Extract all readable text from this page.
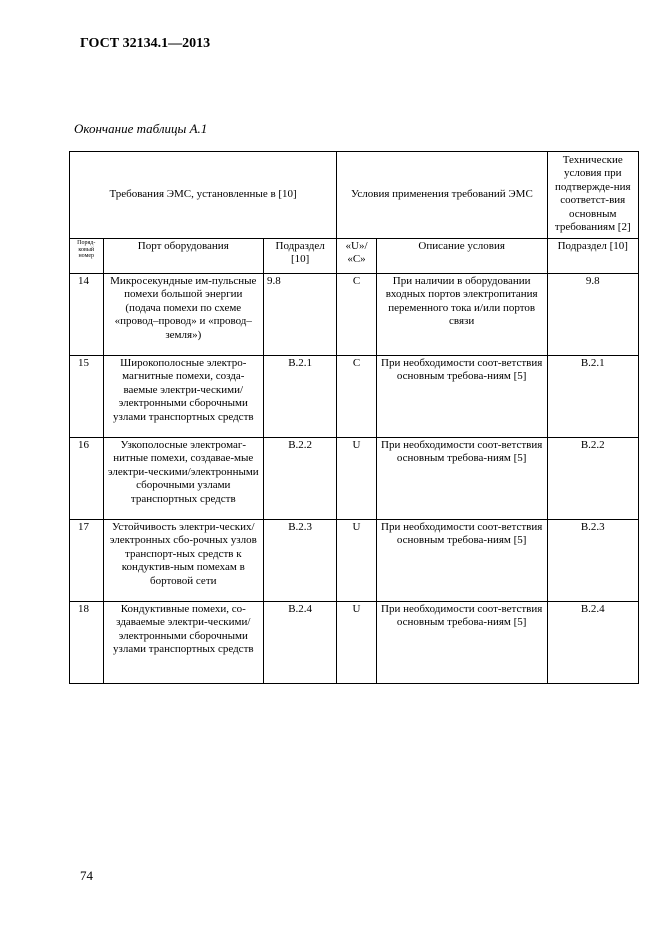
ГОСТ 32134.1—2013
Окончание таблицы А.1
Требования ЭМС, установленные в [10]			Условия применения требований ЭМС		Технические условия при подтвержде-ния соответст-вия основным требованиям [2]
Поряд-ковый номер	Порт оборудования	Подраздел [10]	«U»/ «С»	Описание условия	Подраздел [10]
14	Микросекундные им-пульсные помехи большой энергии (подача помехи по схеме «провод–провод» и «провод–земля»)	9.8	С	При наличии в оборудовании входных портов электропитания переменного тока и/или портов связи	9.8
15	Широкополосные электро-магнитные помехи, созда-ваемые электри-ческими/электронными сборочными узлами транспортных средств	В.2.1	С	При необходимости соот-ветствия основным требова-ниям [5]	В.2.1
16	Узкополосные электромаг-нитные помехи, создавае-мые электри-ческими/электронными сборочными узлами транспортных средств	В.2.2	U	При необходимости соот-ветствия основным требова-ниям [5]	В.2.2
17	Устойчивость электри-ческих/электронных сбо-рочных узлов транспорт-ных средств к кондуктив-ным помехам в бортовой сети	В.2.3	U	При необходимости соот-ветствия основным требова-ниям [5]	В.2.3
18	Кондуктивные помехи, со-здаваемые электри-ческими/электронными сборочными узлами транспортных средств	В.2.4	U	При необходимости соот-ветствия основным требова-ниям [5]	В.2.4
74
